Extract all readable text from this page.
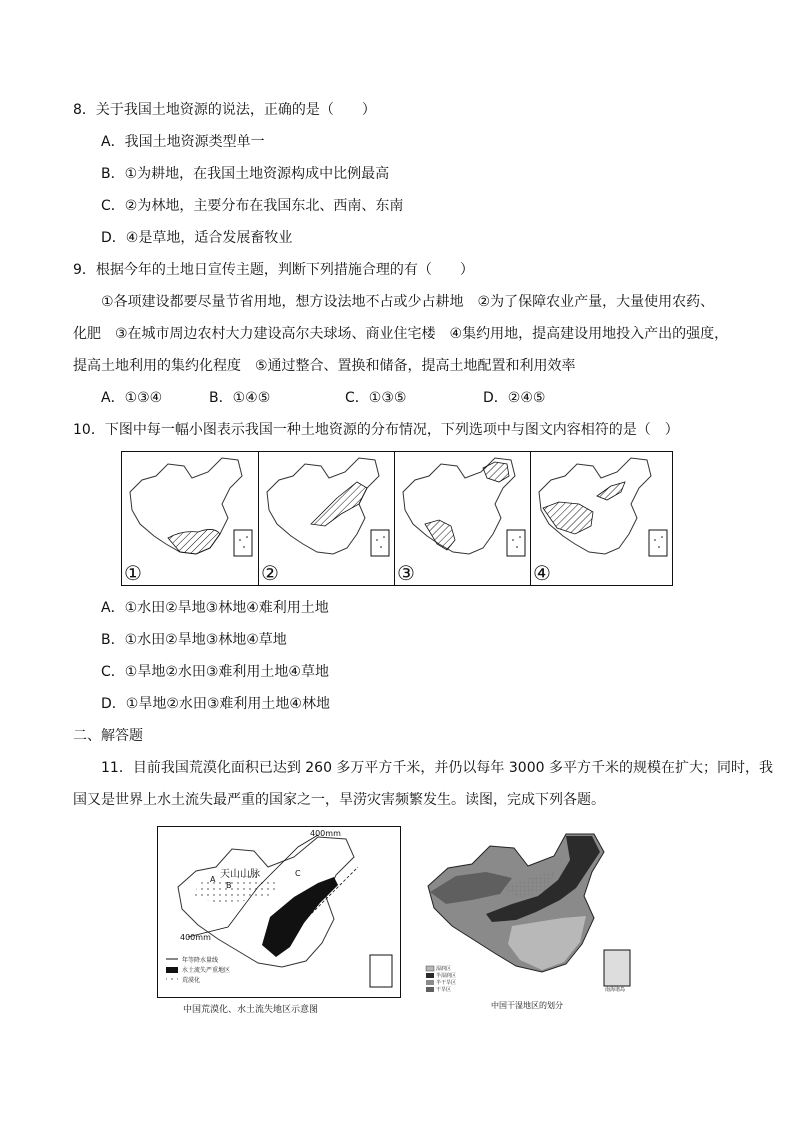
8．关于我国土地资源的说法，正确的是（　　）
A．我国土地资源类型单一
B．①为耕地，在我国土地资源构成中比例最高
C．②为林地，主要分布在我国东北、西南、东南
D．④是草地，适合发展畜牧业
9．根据今年的土地日宣传主题，判断下列措施合理的有（　　）
①各项建设都要尽量节省用地，想方设法地不占或少占耕地　②为了保障农业产量，大量使用农药、
化肥　③在城市周边农村大力建设高尔夫球场、商业住宅楼　④集约用地，提高建设用地投入产出的强度，
提高土地利用的集约化程度　⑤通过整合、置换和储备，提高土地配置和利用效率
A．①③④	B．①④⑤	C．①③⑤	D．②④⑤
10．下图中每一幅小图表示我国一种土地资源的分布情况，下列选项中与图文内容相符的是（　）
①	②	③	④
A．①水田②旱地③林地④难利用土地
B．①水田②旱地③林地④草地
C．①旱地②水田③难利用土地④草地
D．①旱地②水田③难利用土地④林地
二、解答题
11．目前我国荒漠化面积已达到 260 多万平方千米，并仍以每年 3000 多平方千米的规模在扩大；同时，我
国又是世界上水土流失最严重的国家之一，旱涝灾害频繁发生。读图，完成下列各题。
400mm
400mm
天山山脉
A
B
C
年等降水量线
水土流失严重地区
荒漠化
中国荒漠化、水土流失地区示意图
湿润区
半湿润区
半干旱区
干旱区	南海诸岛
中国干湿地区的划分
